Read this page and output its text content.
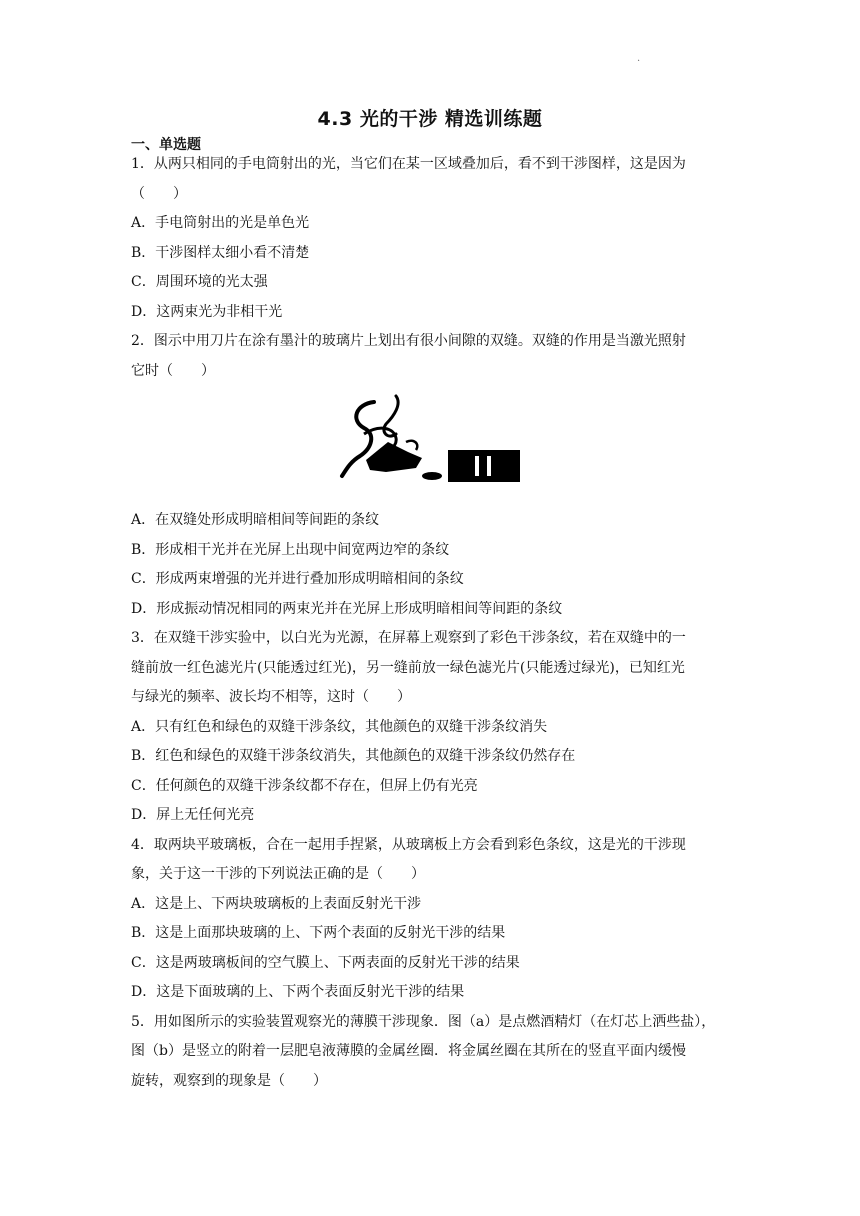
·
4.3 光的干涉 精选训练题
一、单选题
1．从两只相同的手电筒射出的光，当它们在某一区域叠加后，看不到干涉图样，这是因为
（　　）
A．手电筒射出的光是单色光
B．干涉图样太细小看不清楚
C．周围环境的光太强
D．这两束光为非相干光
2．图示中用刀片在涂有墨汁的玻璃片上划出有很小间隙的双缝。双缝的作用是当激光照射
它时（　　）
A．在双缝处形成明暗相间等间距的条纹
B．形成相干光并在光屏上出现中间宽两边窄的条纹
C．形成两束增强的光并进行叠加形成明暗相间的条纹
D．形成振动情况相同的两束光并在光屏上形成明暗相间等间距的条纹
3．在双缝干涉实验中，以白光为光源，在屏幕上观察到了彩色干涉条纹，若在双缝中的一
缝前放一红色滤光片(只能透过红光)，另一缝前放一绿色滤光片(只能透过绿光)，已知红光
与绿光的频率、波长均不相等，这时（　　）
A．只有红色和绿色的双缝干涉条纹，其他颜色的双缝干涉条纹消失
B．红色和绿色的双缝干涉条纹消失，其他颜色的双缝干涉条纹仍然存在
C．任何颜色的双缝干涉条纹都不存在，但屏上仍有光亮
D．屏上无任何光亮
4．取两块平玻璃板，合在一起用手捏紧，从玻璃板上方会看到彩色条纹，这是光的干涉现
象，关于这一干涉的下列说法正确的是（　　）
A．这是上、下两块玻璃板的上表面反射光干涉
B．这是上面那块玻璃的上、下两个表面的反射光干涉的结果
C．这是两玻璃板间的空气膜上、下两表面的反射光干涉的结果
D．这是下面玻璃的上、下两个表面反射光干涉的结果
5．用如图所示的实验装置观察光的薄膜干涉现象．图（a）是点燃酒精灯（在灯芯上洒些盐），
图（b）是竖立的附着一层肥皂液薄膜的金属丝圈．将金属丝圈在其所在的竖直平面内缓慢
旋转，观察到的现象是（　　）
